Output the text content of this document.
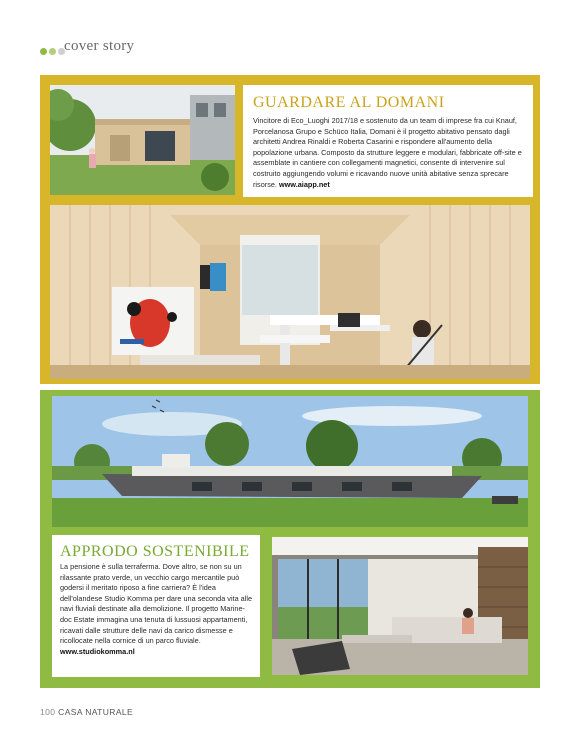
cover story
GUARDARE AL DOMANI
Vincitore di Eco_Luoghi 2017/18 e sostenuto da un team di imprese fra cui Knauf, Porcelanosa Grupo e Schüco Italia, Domani è il progetto abitativo pensato dagli architetti Andrea Rinaldi e Roberta Casarini e rispondere all'aumento della popolazione urbana. Composto da strutture leggere e modulari, fabbricate off-site e assemblate in cantiere con collegamenti magnetici, consente di intervenire sul costruito aggiungendo volumi e ricavando nuove unità abitative senza sprecare risorse. www.aiapp.net
APPRODO SOSTENIBILE
La pensione è sulla terraferma. Dove altro, se non su un rilassante prato verde, un vecchio cargo mercantile può godersi il meritato riposo a fine carriera? È l'idea dell'olandese Studio Komma per dare una seconda vita alle navi fluviali destinate alla demolizione. Il progetto Marine-doc Estate immagina una tenuta di lussuosi appartamenti, ricavati dalle strutture delle navi da carico dismesse e ricollocate nella cornice di un parco fluviale.
www.studiokomma.nl
100 CASA NATURALE
